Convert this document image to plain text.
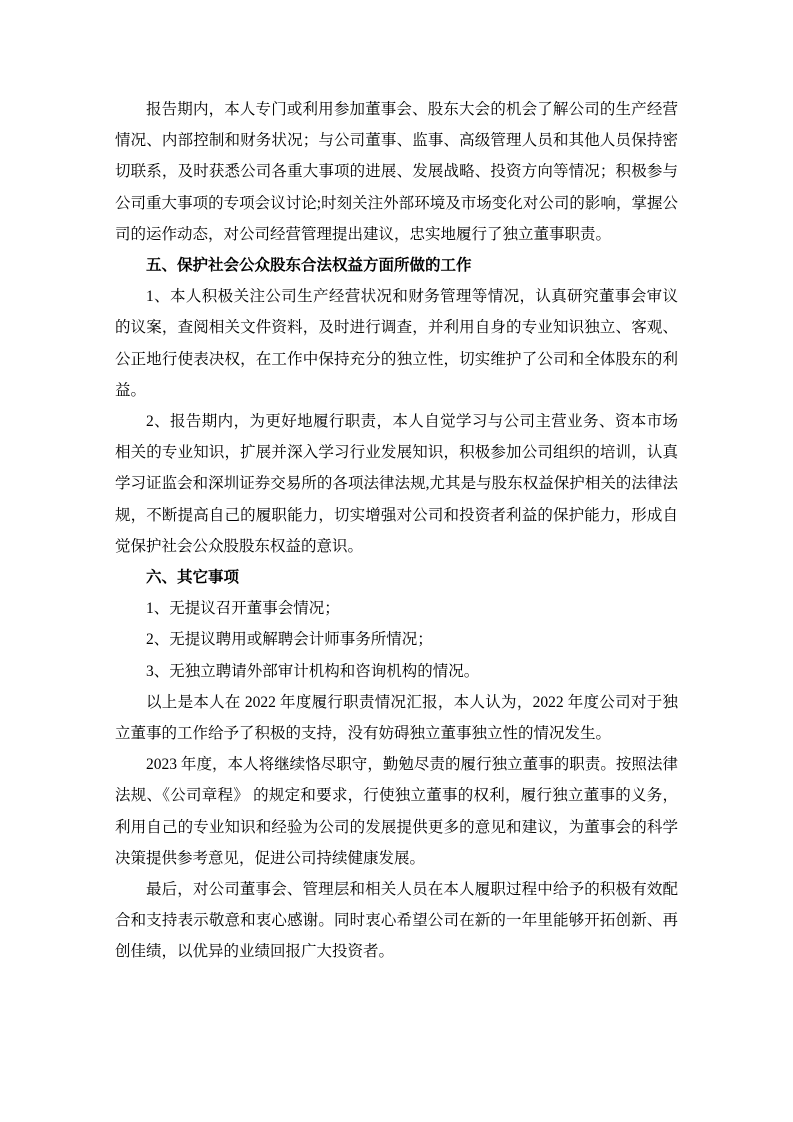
报告期内，本人专门或利用参加董事会、股东大会的机会了解公司的生产经营情况、内部控制和财务状况；与公司董事、监事、高级管理人员和其他人员保持密切联系，及时获悉公司各重大事项的进展、发展战略、投资方向等情况；积极参与公司重大事项的专项会议讨论;时刻关注外部环境及市场变化对公司的影响，掌握公司的运作动态，对公司经营管理提出建议，忠实地履行了独立董事职责。

五、保护社会公众股东合法权益方面所做的工作

1、本人积极关注公司生产经营状况和财务管理等情况，认真研究董事会审议的议案，查阅相关文件资料，及时进行调查，并利用自身的专业知识独立、客观、公正地行使表决权，在工作中保持充分的独立性，切实维护了公司和全体股东的利益。

2、报告期内，为更好地履行职责，本人自觉学习与公司主营业务、资本市场相关的专业知识，扩展并深入学习行业发展知识，积极参加公司组织的培训，认真学习证监会和深圳证券交易所的各项法律法规,尤其是与股东权益保护相关的法律法规，不断提高自己的履职能力，切实增强对公司和投资者利益的保护能力，形成自觉保护社会公众股股东权益的意识。

六、其它事项

1、无提议召开董事会情况；

2、无提议聘用或解聘会计师事务所情况；

3、无独立聘请外部审计机构和咨询机构的情况。

以上是本人在 2022 年度履行职责情况汇报，本人认为，2022 年度公司对于独立董事的工作给予了积极的支持，没有妨碍独立董事独立性的情况发生。

2023 年度，本人将继续恪尽职守，勤勉尽责的履行独立董事的职责。按照法律法规、《公司章程》 的规定和要求，行使独立董事的权利，履行独立董事的义务，利用自己的专业知识和经验为公司的发展提供更多的意见和建议，为董事会的科学决策提供参考意见，促进公司持续健康发展。

最后，对公司董事会、管理层和相关人员在本人履职过程中给予的积极有效配合和支持表示敬意和衷心感谢。同时衷心希望公司在新的一年里能够开拓创新、再创佳绩，以优异的业绩回报广大投资者。
